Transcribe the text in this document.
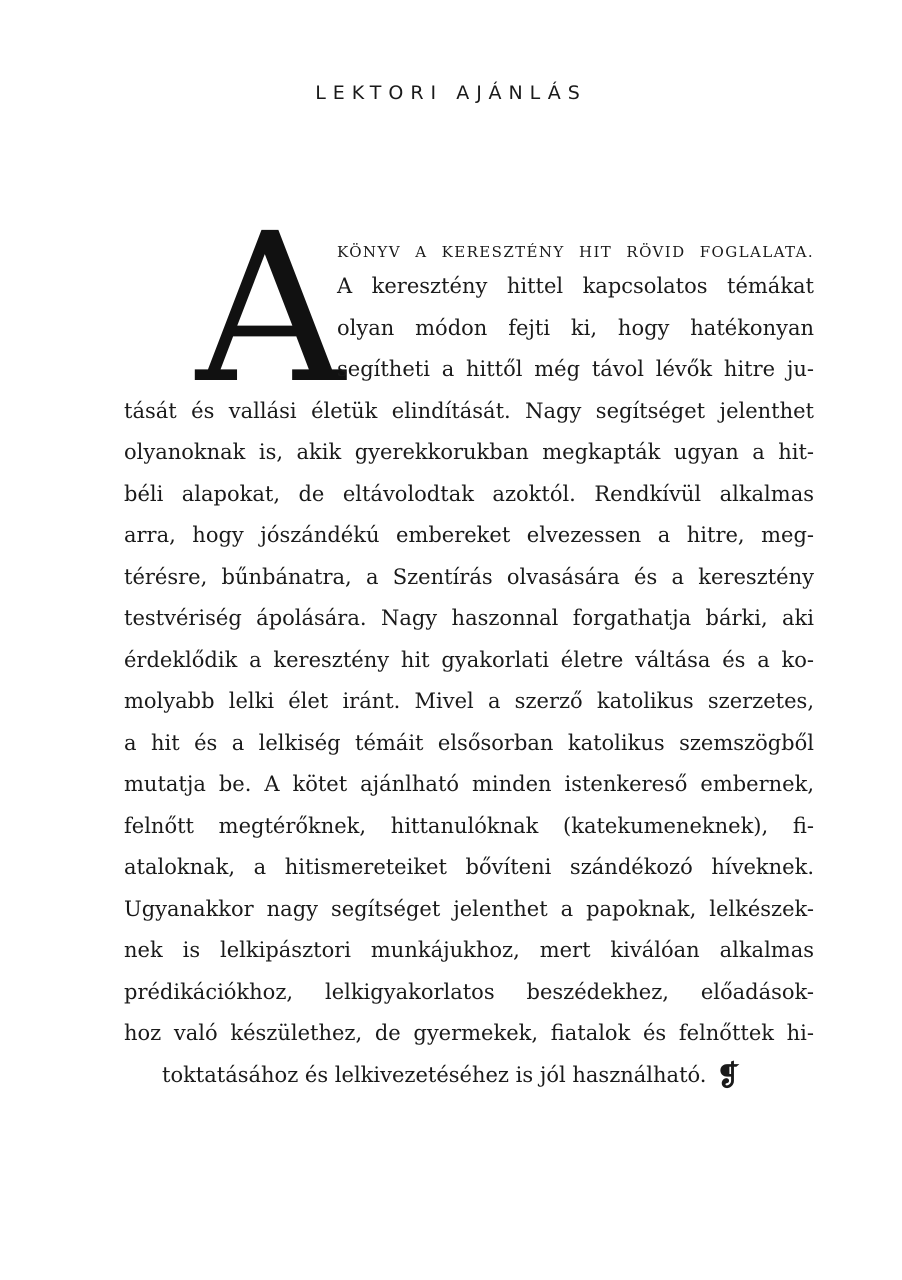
LEKTORI AJÁNLÁS
A

KÖNYV A KERESZTÉNY HIT RÖVID FOGLALATA.

A keresztény hittel kapcsolatos témákat

olyan módon fejti ki, hogy hatékonyan

segítheti a hittől még távol lévők hitre ju-

tását és vallási életük elindítását. Nagy segítséget jelenthet

olyanoknak is, akik gyerekkorukban megkapták ugyan a hit-

béli alapokat, de eltávolodtak azoktól. Rendkívül alkalmas

arra, hogy jószándékú embereket elvezessen a hitre, meg-

térésre, bűnbánatra, a Szentírás olvasására és a keresztény

testvériség ápolására. Nagy haszonnal forgathatja bárki, aki

érdeklődik a keresztény hit gyakorlati életre váltása és a ko-

molyabb lelki élet iránt. Mivel a szerző katolikus szerzetes,

a hit és a lelkiség témáit elsősorban katolikus szemszögből

mutatja be. A kötet ajánlható minden istenkereső embernek,

felnőtt megtérőknek, hittanulóknak (katekumeneknek), fi-

ataloknak, a hitismereteiket bővíteni szándékozó híveknek.

Ugyanakkor nagy segítséget jelenthet a papoknak, lelkészek-

nek is lelkipásztori munkájukhoz, mert kiválóan alkalmas

prédikációkhoz, lelkigyakorlatos beszédekhez, előadások-

hoz való készülethez, de gyermekek, fiatalok és felnőttek hi-

toktatásához és lelkivezetéséhez is jól használható. ❡
